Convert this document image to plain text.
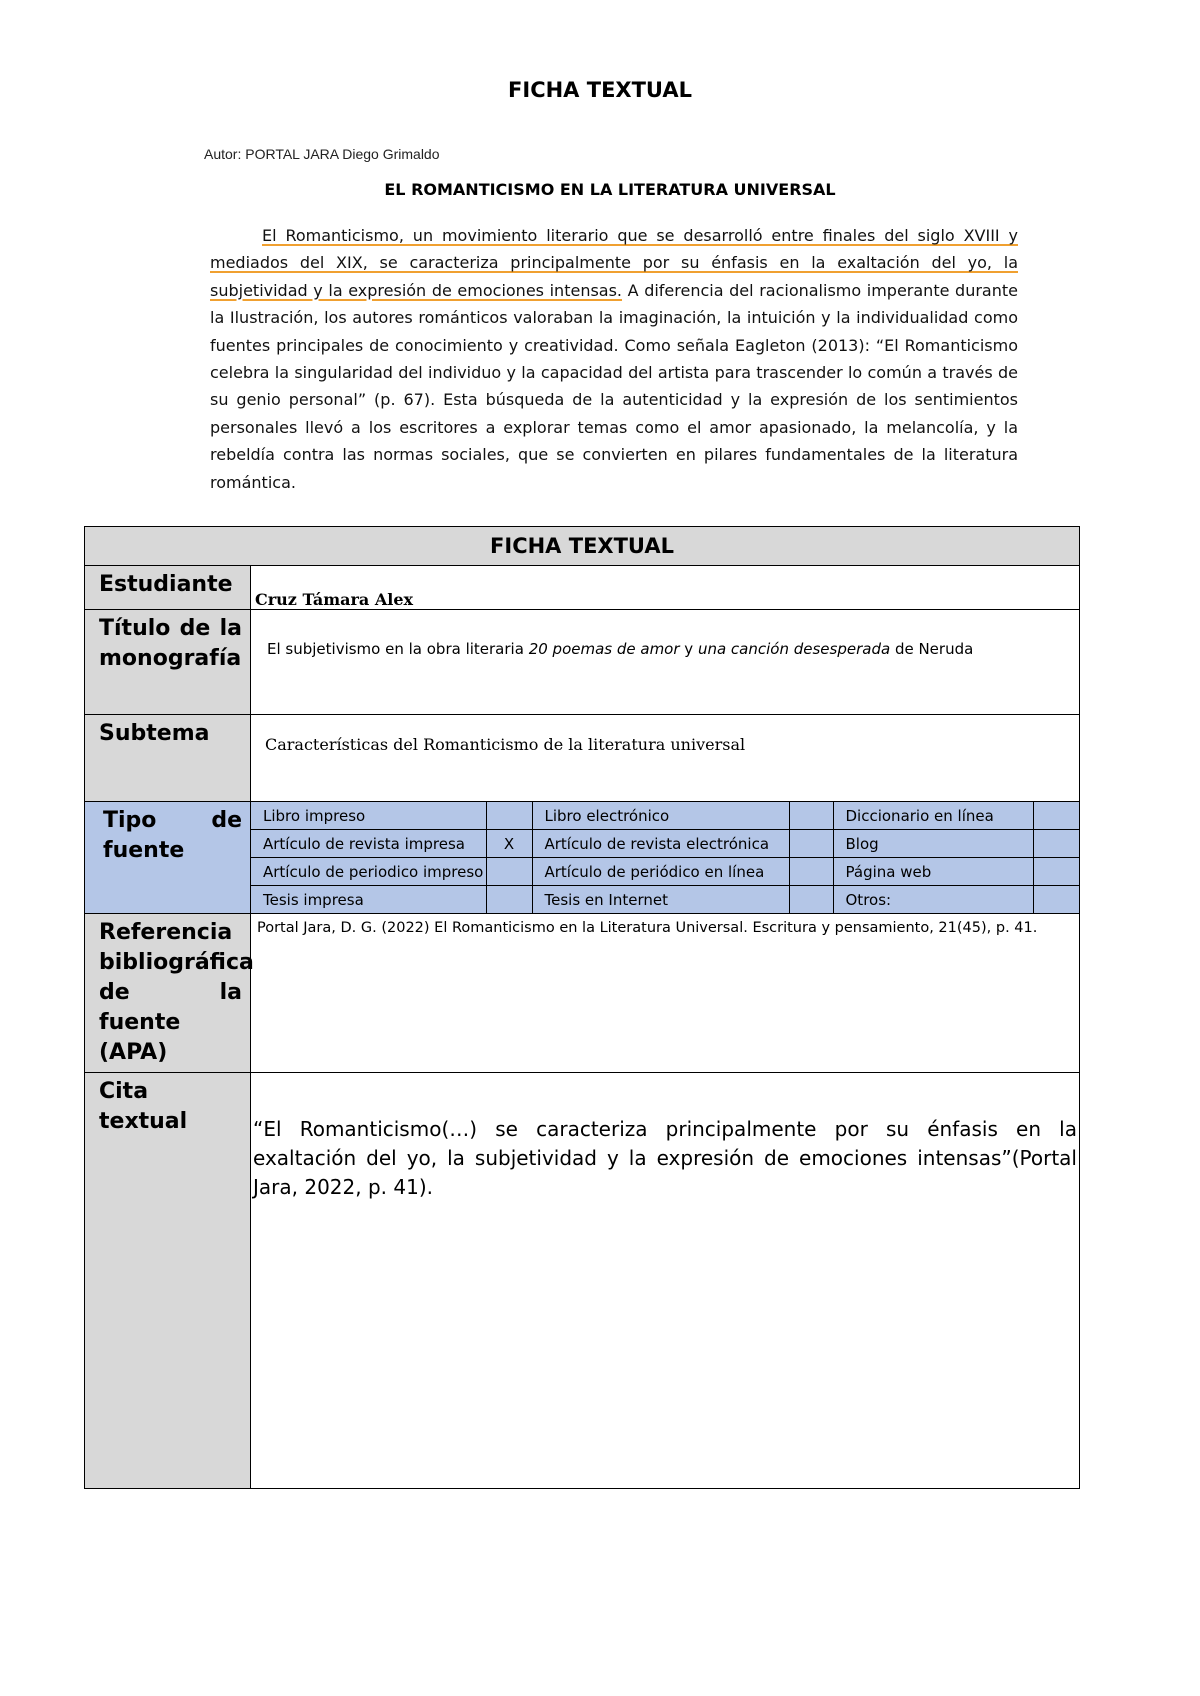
FICHA TEXTUAL
Autor: PORTAL JARA Diego Grimaldo
EL ROMANTICISMO EN LA LITERATURA UNIVERSAL

El Romanticismo, un movimiento literario que se desarrolló entre finales del siglo XVIII y mediados del XIX, se caracteriza principalmente por su énfasis en la exaltación del yo, la subjetividad y la expresión de emociones intensas. A diferencia del racionalismo imperante durante la Ilustración, los autores románticos valoraban la imaginación, la intuición y la individualidad como fuentes principales de conocimiento y creatividad. Como señala Eagleton (2013): “El Romanticismo celebra la singularidad del individuo y la capacidad del artista para trascender lo común a través de su genio personal” (p. 67). Esta búsqueda de la autenticidad y la expresión de los sentimientos personales llevó a los escritores a explorar temas como el amor apasionado, la melancolía, y la rebeldía contra las normas sociales, que se convierten en pilares fundamentales de la literatura romántica.

FICHA TEXTUAL
Estudiante	Cruz Támara Alex
Título de la monografía	El subjetivismo en la obra literaria 20 poemas de amor y una canción desesperada de Neruda
Subtema	Características del Romanticismo de la literatura universal
Tipo de fuente	
Libro impreso		Libro electrónico		Diccionario en línea	
Artículo de revista impresa	X	Artículo de revista electrónica		Blog	
Artículo de periodico impreso		Artículo de periódico en línea		Página web	
Tesis impresa		Tesis en Internet		Otros:	

Referencia bibliográfica de la fuente (APA)	Portal Jara, D. G. (2022) El Romanticismo en la Literatura Universal. Escritura y pensamiento, 21(45), p. 41.
Cita textual	“El Romanticismo(…) se caracteriza principalmente por su énfasis en la exaltación del yo, la subjetividad y la expresión de emociones intensas”(Portal Jara, 2022, p. 41).
